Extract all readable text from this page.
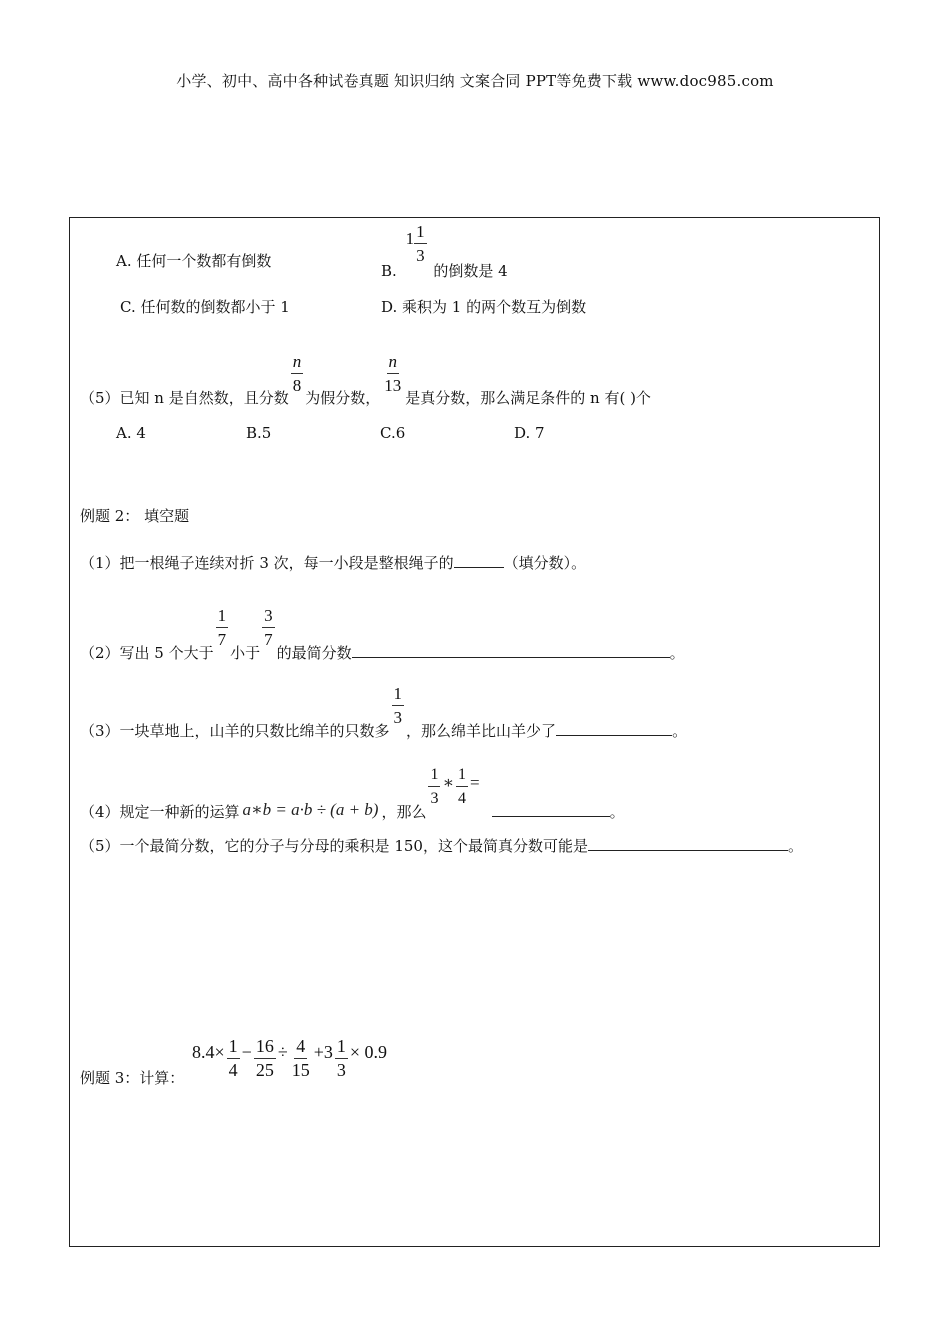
小学、初中、高中各种试卷真题 知识归纳 文案合同 PPT等免费下载 www.doc985.com
A. 任何一个数都有倒数
B. $1 \frac{1}{3}$
的倒数是 4
C. 任何数的倒数都小于 1	D. 乘积为 1 的两个数互为倒数
（5）已知 n 是自然数，且分数
$\frac{n}{8}$
为假分数，
$\frac{n}{13}$
是真分数，那么满足条件的 n 有( )个
A. 4	B.5	C.6	D. 7
例题 2： 填空题
（1）把一根绳子连续对折 3 次，每一小段是整根绳子的	（填分数）。
（2）写出 5 个大于
$\frac{1}{7}$
小于
$\frac{3}{7}$
的最简分数	。
（3）一块草地上，山羊的只数比绵羊的只数多
$\frac{1}{3}$
，那么绵羊比山羊少了	。
（4）规定一种新的运算 a∗b = a·b ÷ (a + b) ，那么
$\frac{1}{3}$ ∗ $\frac{1}{4}$ =。
（5）一个最简分数，它的分子与分母的乘积是 150，这个最简真分数可能是	。
例题 3：计算：
$8.4\times \frac{1}{4} - \frac{16}{25} \div \frac{4}{15} +3 \frac{1}{3} \times 0.9$
